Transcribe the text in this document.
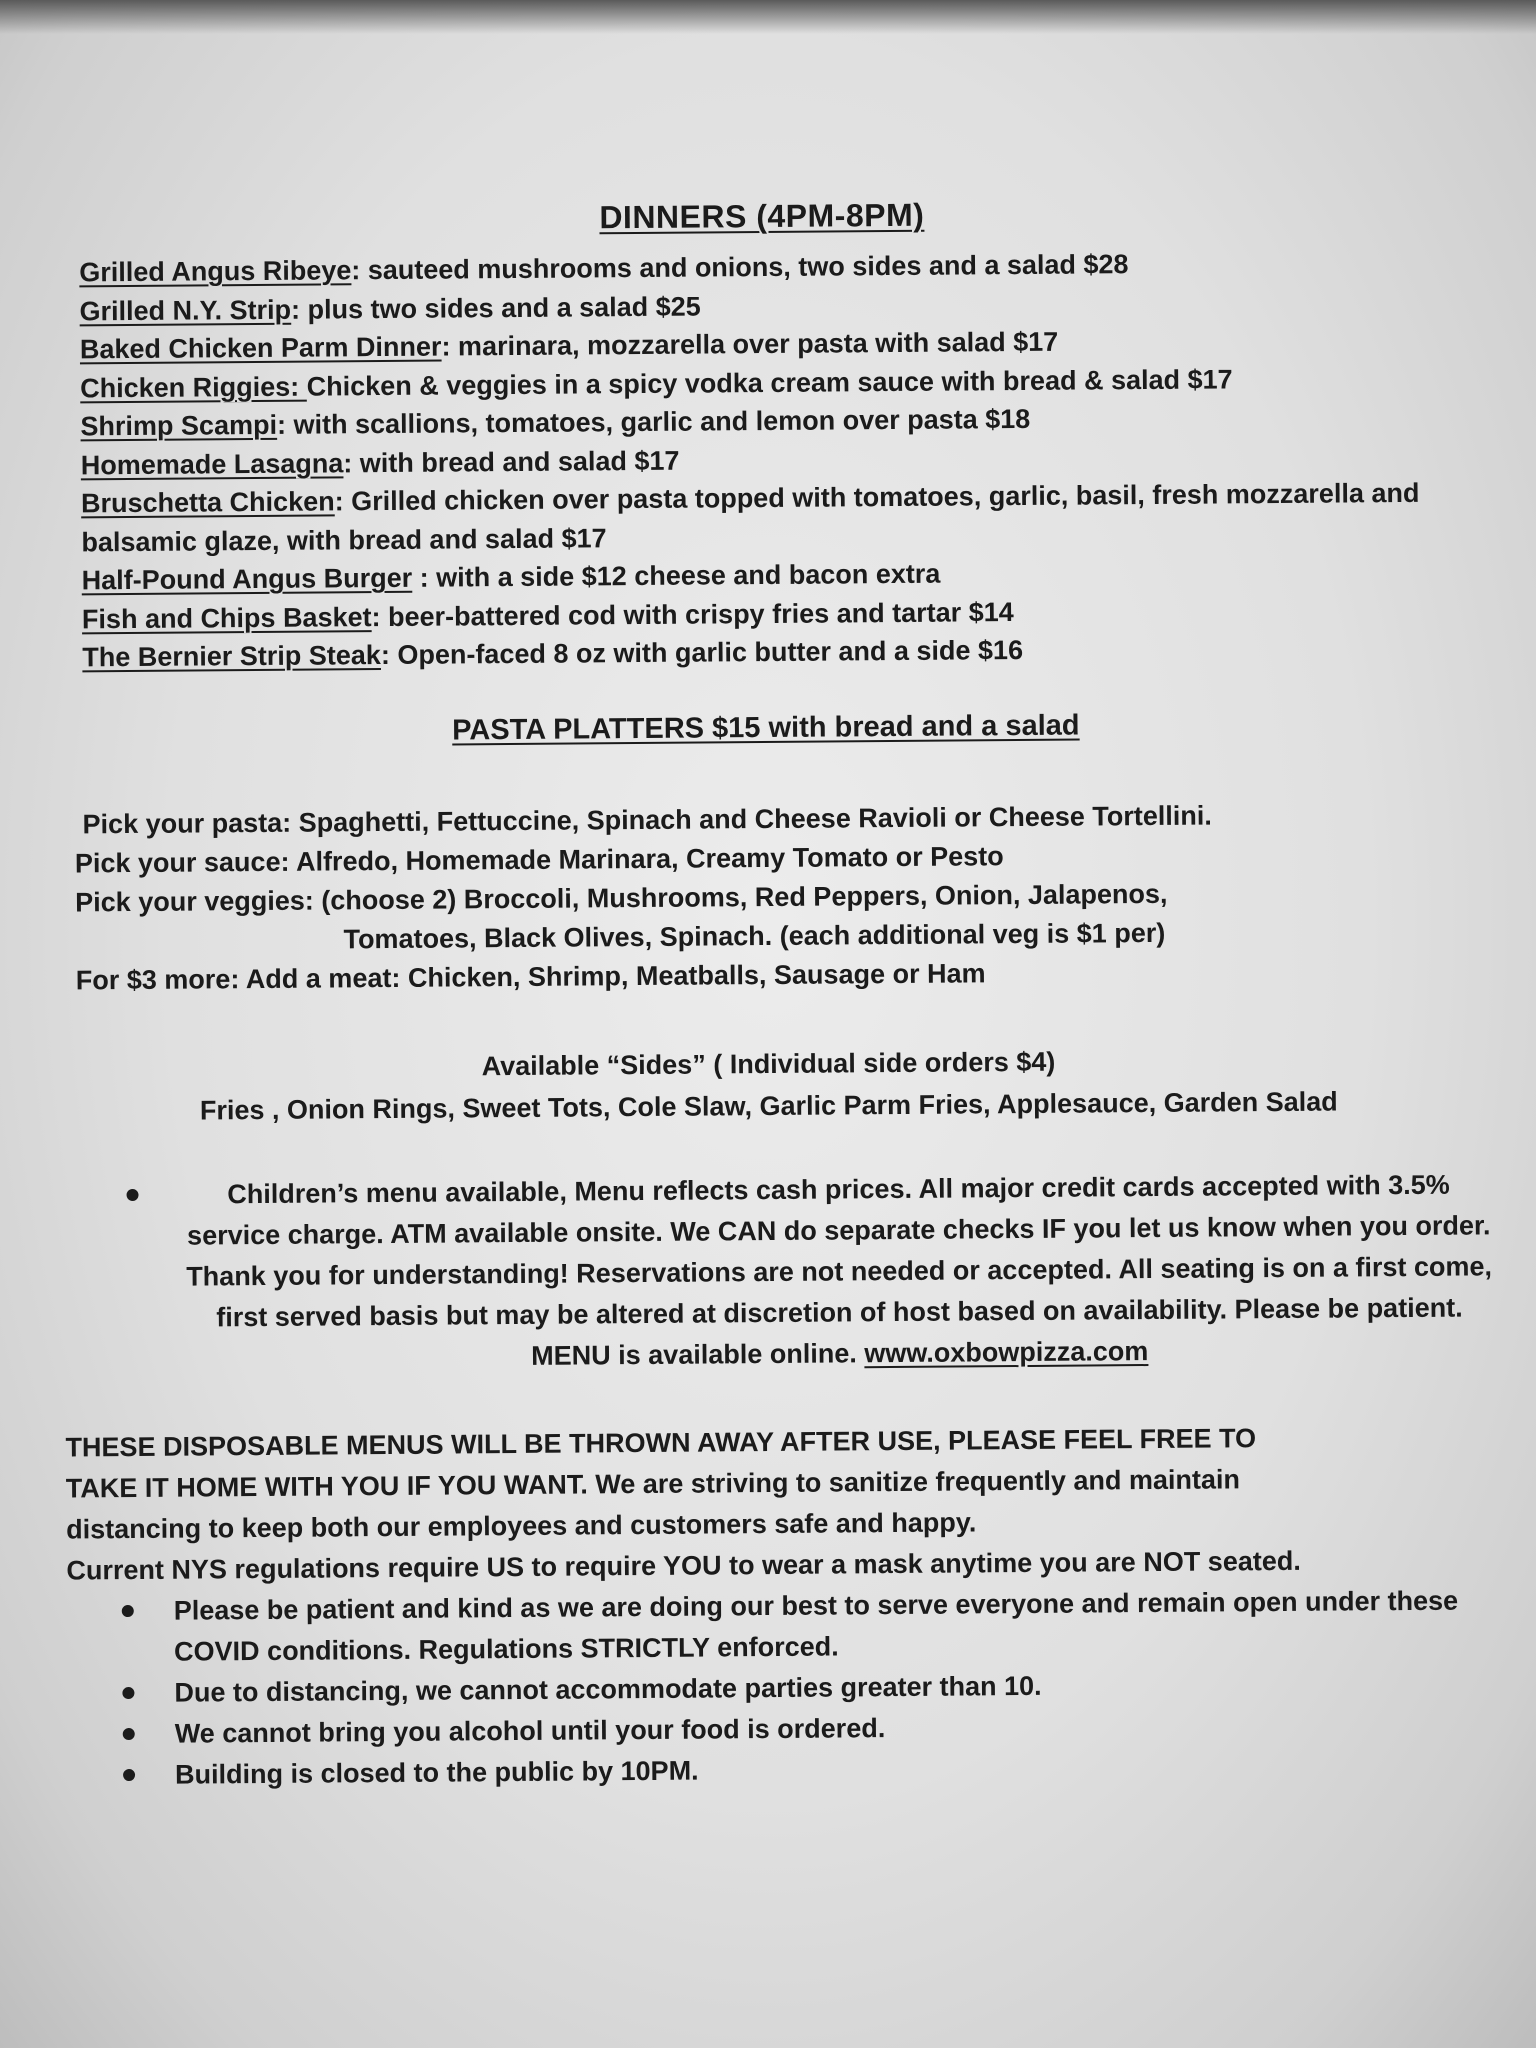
DINNERS (4PM-8PM)
Grilled Angus Ribeye: sauteed mushrooms and onions, two sides and a salad $28
Grilled N.Y. Strip: plus two sides and a salad $25
Baked Chicken Parm Dinner: marinara, mozzarella over pasta with salad $17
Chicken Riggies: Chicken & veggies in a spicy vodka cream sauce with bread & salad $17
Shrimp Scampi: with scallions, tomatoes, garlic and lemon over pasta $18
Homemade Lasagna: with bread and salad $17
Bruschetta Chicken: Grilled chicken over pasta topped with tomatoes, garlic, basil, fresh mozzarella and balsamic glaze, with bread and salad $17
Half-Pound Angus Burger : with a side $12 cheese and bacon extra
Fish and Chips Basket: beer-battered cod with crispy fries and tartar $14
The Bernier Strip Steak: Open-faced 8 oz with garlic butter and a side $16
PASTA PLATTERS $15 with bread and a salad
Pick your pasta: Spaghetti, Fettuccine, Spinach and Cheese Ravioli or Cheese Tortellini.
Pick your sauce: Alfredo, Homemade Marinara, Creamy Tomato or Pesto
Pick your veggies: (choose 2) Broccoli, Mushrooms, Red Peppers, Onion, Jalapenos,
Tomatoes, Black Olives, Spinach. (each additional veg is $1 per)
For $3 more: Add a meat: Chicken, Shrimp, Meatballs, Sausage or Ham
Available “Sides” ( Individual side orders $4)
Fries , Onion Rings, Sweet Tots, Cole Slaw, Garlic Parm Fries, Applesauce, Garden Salad
Children’s menu available, Menu reflects cash prices. All major credit cards accepted with 3.5% service charge. ATM available onsite. We CAN do separate checks IF you let us know when you order. Thank you for understanding! Reservations are not needed or accepted. All seating is on a first come, first served basis but may be altered at discretion of host based on availability. Please be patient. MENU is available online. www.oxbowpizza.com
THESE DISPOSABLE MENUS WILL BE THROWN AWAY AFTER USE, PLEASE FEEL FREE TO
TAKE IT HOME WITH YOU IF YOU WANT. We are striving to sanitize frequently and maintain
distancing to keep both our employees and customers safe and happy.
Current NYS regulations require US to require YOU to wear a mask anytime you are NOT seated.
Please be patient and kind as we are doing our best to serve everyone and remain open under these COVID conditions. Regulations STRICTLY enforced.
Due to distancing, we cannot accommodate parties greater than 10.
We cannot bring you alcohol until your food is ordered.
Building is closed to the public by 10PM.
